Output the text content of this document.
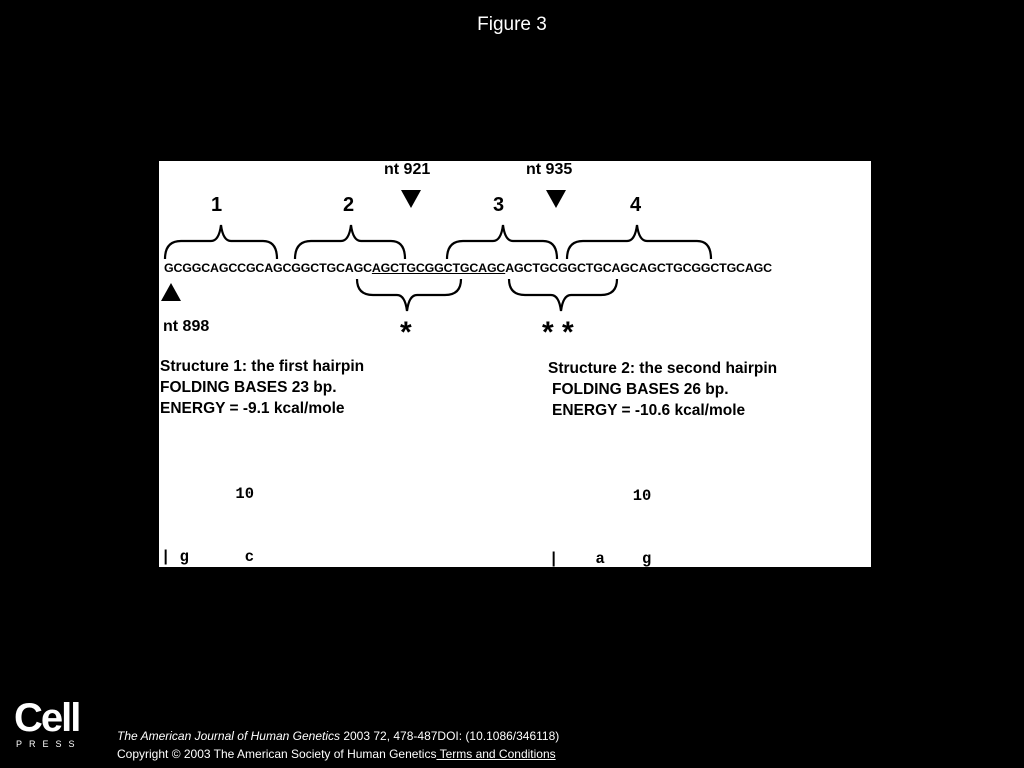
Figure 3
1	2	3	4
nt 921	nt 935
nt 898
GCGGCAGCCGCAGCGGCTGCAGCAGCTGCGGCTGCAGCAGCTGCGGCTGCAGCAGCTGCGGCTGCAGC
*	* *
Structure 1: the first hairpin
FOLDING BASES 23 bp.
ENERGY = -9.1 kcal/mole
Structure 2: the second hairpin
FOLDING BASES 26 bp.
ENERGY = -10.6 kcal/mole

10

| g      c

10

|    a    g

Cell
PRESS
The American Journal of Human Genetics 2003 72, 478-487DOI: (10.1086/346118)
Copyright © 2003 The American Society of Human Genetics Terms and Conditions
